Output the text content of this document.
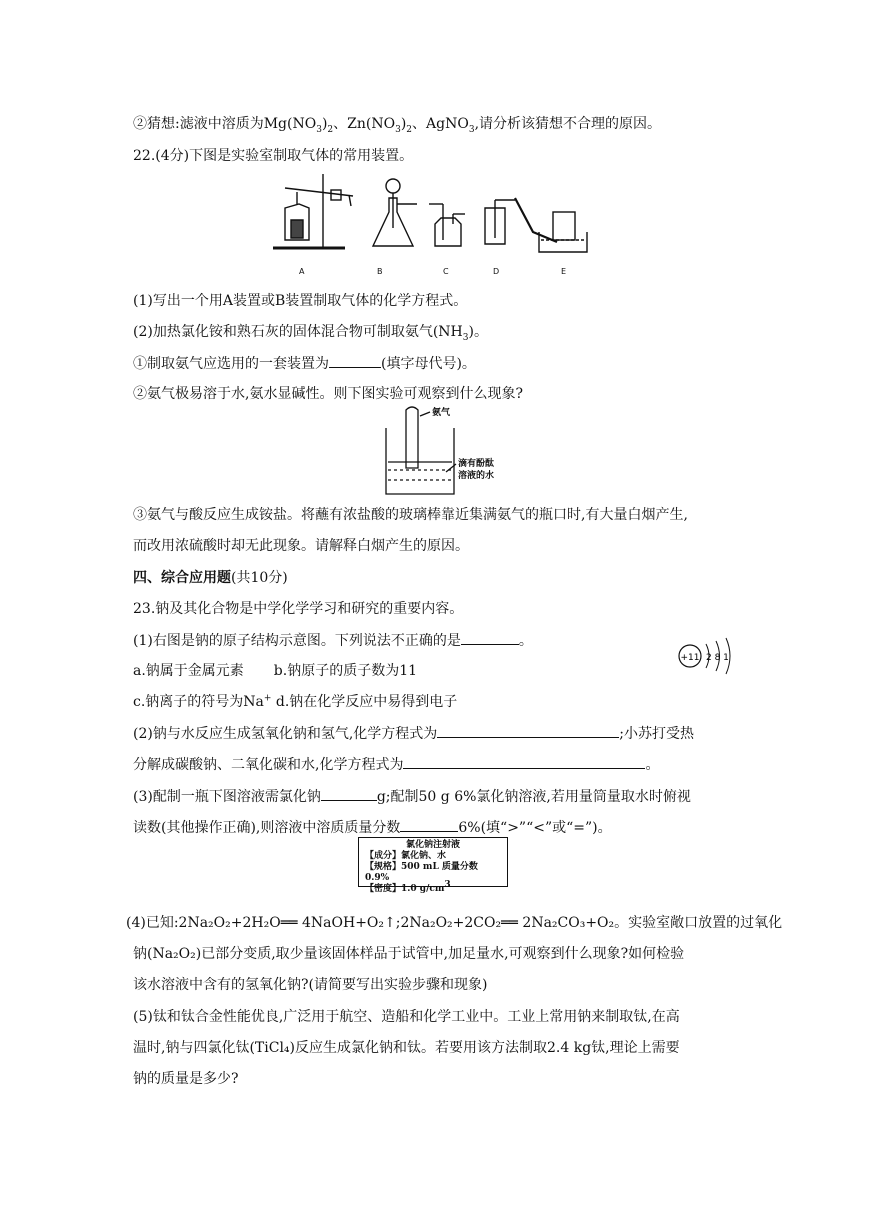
②猜想:滤液中溶质为$Mg(NO_3)_2$、$Zn(NO_3)_2$、AgNO$_3$,请分析该猜想不合理的原因。
22.(4分)下图是实验室制取气体的常用装置。
A	B	C	D	E
(1)写出一个用A装置或B装置制取气体的化学方程式。
(2)加热氯化铵和熟石灰的固体混合物可制取氨气$(NH_3)$。
①制取氨气应选用的一套装置为	(填字母代号)。
②氨气极易溶于水,氨水显碱性。则下图实验可观察到什么现象?
氨气
滴有酚酞
溶液的水
③氨气与酸反应生成铵盐。将蘸有浓盐酸的玻璃棒靠近集满氨气的瓶口时,有大量白烟产生,
而改用浓硫酸时却无此现象。请解释白烟产生的原因。
四、综合应用题(共10分)
23.钠及其化合物是中学化学学习和研究的重要内容。
(1)右图是钠的原子结构示意图。下列说法不正确的是	。
+11 2 8 1
a.钠属于金属元素 b.钠原子的质子数为11
c.钠离子的符号为Na+ d.钠在化学反应中易得到电子
(2)钠与水反应生成氢氧化钠和氢气,化学方程式为	;小苏打受热
分解成碳酸钠、二氧化碳和水,化学方程式为	。
(3)配制一瓶下图溶液需氯化钠	g;配制50 g 6%氯化钠溶液,若用量筒量取水时俯视
读数(其他操作正确),则溶液中溶质质量分数	6%(填“>”“<”或“=”)。
氯化钠注射液
【成分】氯化钠、水
【规格】500 mL 质量分数0.9%
【密度】1.0 $g/cm^3$
(4)已知:2Na₂O₂+2H₂O══ 4NaOH+O₂↑;2Na₂O₂+2CO₂══ 2Na₂CO₃+O₂。实验室敞口放置的过氧化
钠(Na₂O₂)已部分变质,取少量该固体样品于试管中,加足量水,可观察到什么现象?如何检验
该水溶液中含有的氢氧化钠?(请简要写出实验步骤和现象)
(5)钛和钛合金性能优良,广泛用于航空、造船和化学工业中。工业上常用钠来制取钛,在高
温时,钠与四氯化钛(TiCl₄)反应生成氯化钠和钛。若要用该方法制取2.4 kg钛,理论上需要
钠的质量是多少?
